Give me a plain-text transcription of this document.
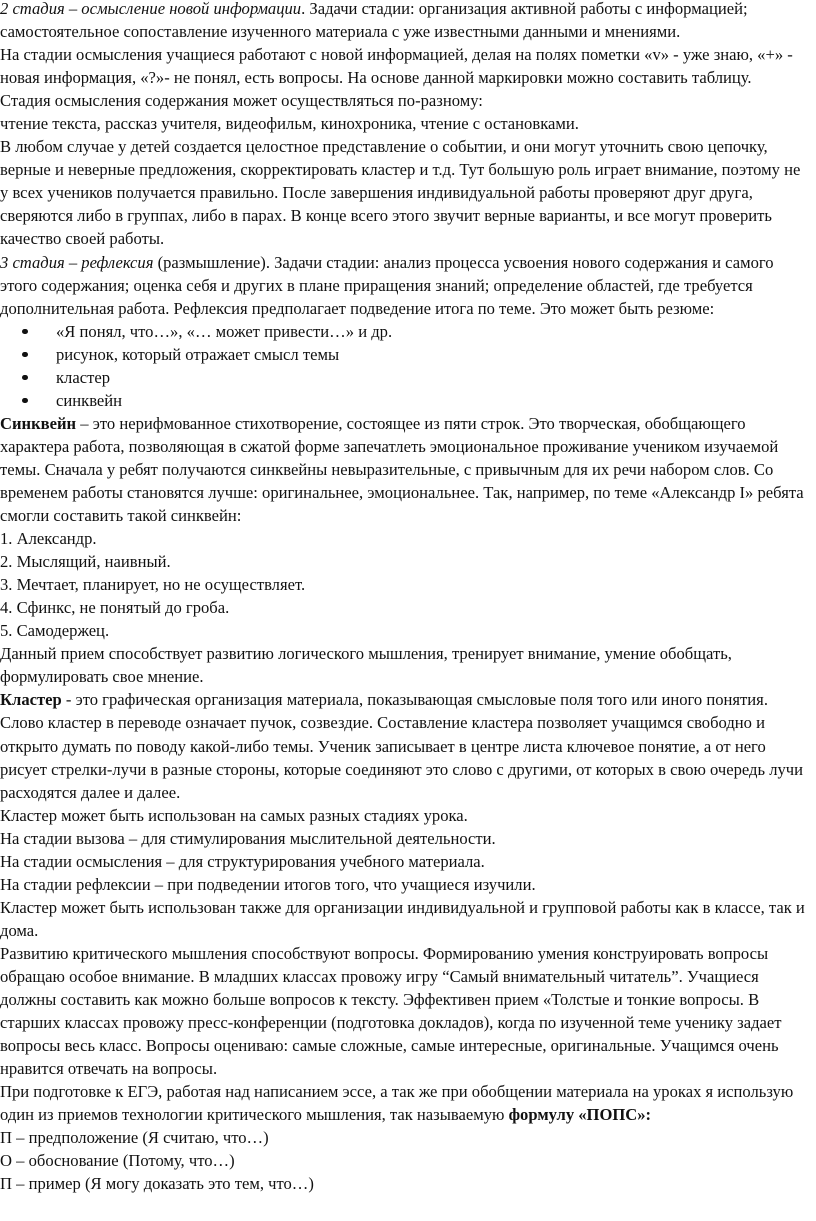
2 стадия – осмысление новой информации. Задачи стадии: организация активной работы с информацией; самостоятельное сопоставление изученного материала с уже известными данными и мнениями.

На стадии осмысления учащиеся работают с новой информацией, делая на полях пометки «v» - уже знаю, «+» - новая информация, «?»- не понял, есть вопросы. На основе данной маркировки можно составить таблицу.

Стадия осмысления содержания может осуществляться по-разному:

чтение текста, рассказ учителя, видеофильм, кинохроника, чтение с остановками.

В любом случае у детей создается целостное представление о событии, и они могут уточнить свою цепочку, верные и неверные предложения, скорректировать кластер и т.д. Тут большую роль играет внимание, поэтому не у всех учеников получается правильно. После завершения индивидуальной работы проверяют друг друга, сверяются либо в группах, либо в парах. В конце всего этого звучит верные варианты, и все могут проверить качество своей работы.

3 стадия – рефлексия (размышление). Задачи стадии: анализ процесса усвоения нового содержания и самого этого содержания; оценка себя и других в плане приращения знаний; определение областей, где требуется дополнительная работа. Рефлексия предполагает подведение итога по теме. Это может быть резюме:

«Я понял, что…», «… может привести…» и др.
рисунок, который отражает смысл темы
кластер
синквейн

Синквейн – это нерифмованное стихотворение, состоящее из пяти строк. Это творческая, обобщающего характера работа, позволяющая в сжатой форме запечатлеть эмоциональное проживание учеником изучаемой темы. Сначала у ребят получаются синквейны невыразительные, с привычным для их речи набором слов. Со временем работы становятся лучше: оригинальнее, эмоциональнее. Так, например, по теме «Александр I» ребята смогли составить такой синквейн:

1. Александр.

2. Мыслящий, наивный.

3. Мечтает, планирует, но не осуществляет.

4. Сфинкс, не понятый до гроба.

5. Самодержец.

Данный прием способствует развитию логического мышления, тренирует внимание, умение обобщать, формулировать свое мнение.

Кластер - это графическая организация материала, показывающая смысловые поля того или иного понятия. Слово кластер в переводе означает пучок, созвездие. Составление кластера позволяет учащимся свободно и открыто думать по поводу какой-либо темы. Ученик записывает в центре листа ключевое понятие, а от него рисует стрелки-лучи в разные стороны, которые соединяют это слово с другими, от которых в свою очередь лучи расходятся далее и далее.

Кластер может быть использован на самых разных стадиях урока.

На стадии вызова – для стимулирования мыслительной деятельности.

На стадии осмысления – для структурирования учебного материала.

На стадии рефлексии – при подведении итогов того, что учащиеся изучили.

Кластер может быть использован также для организации индивидуальной и групповой работы как в классе, так и дома.

Развитию критического мышления способствуют вопросы. Формированию умения конструировать вопросы обращаю особое внимание. В младших классах провожу игру “Самый внимательный читатель”. Учащиеся должны составить как можно больше вопросов к тексту. Эффективен прием «Толстые и тонкие вопросы. В старших классах провожу пресс-конференции (подготовка докладов), когда по изученной теме ученику задает вопросы весь класс. Вопросы оцениваю: самые сложные, самые интересные, оригинальные. Учащимся очень нравится отвечать на вопросы.

При подготовке к ЕГЭ, работая над написанием эссе, а так же при обобщении материала на уроках я использую один из приемов технологии критического мышления, так называемую формулу «ПОПС»:

П – предположение (Я считаю, что…)

О – обоснование (Потому, что…)

П – пример (Я могу доказать это тем, что…)
